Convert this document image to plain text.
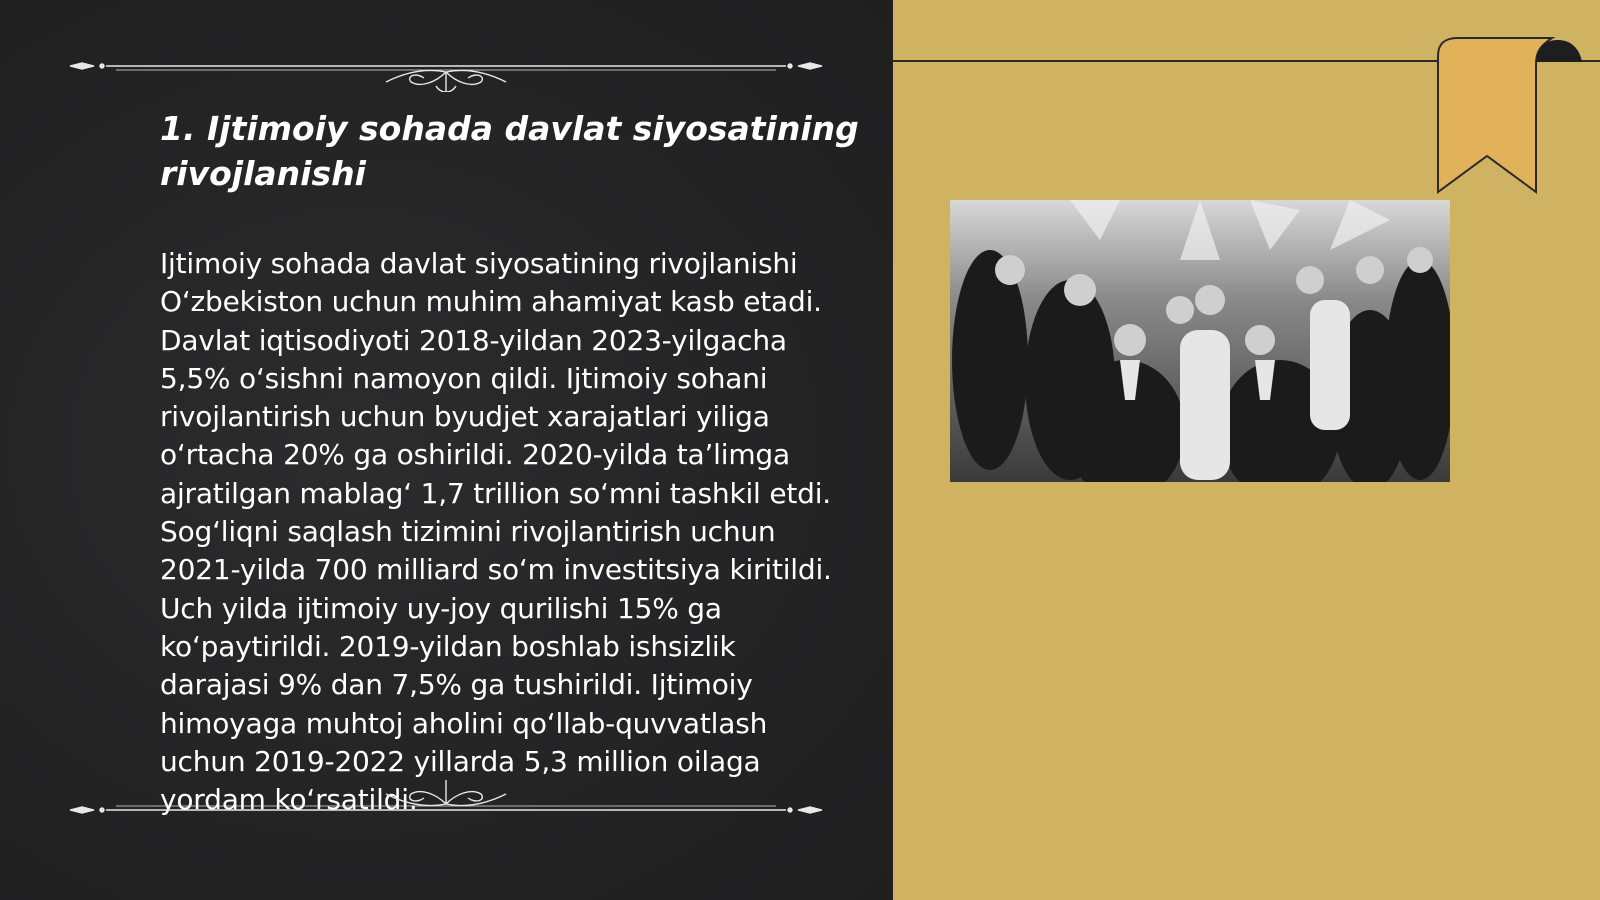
1. Ijtimoiy sohada davlat siyosatining rivojlanishi

Ijtimoiy sohada davlat siyosatining rivojlanishi O‘zbekiston uchun muhim ahamiyat kasb etadi. Davlat iqtisodiyoti 2018-yildan 2023-yilgacha 5,5% o‘sishni namoyon qildi. Ijtimoiy sohani rivojlantirish uchun byudjet xarajatlari yiliga o‘rtacha 20% ga oshirildi. 2020-yilda ta’limga ajratilgan mablag‘ 1,7 trillion so‘mni tashkil etdi. Sog‘liqni saqlash tizimini rivojlantirish uchun 2021-yilda 700 milliard so‘m investitsiya kiritildi. Uch yilda ijtimoiy uy-joy qurilishi 15% ga ko‘paytirildi. 2019-yildan boshlab ishsizlik darajasi 9% dan 7,5% ga tushirildi. Ijtimoiy himoyaga muhtoj aholini qo‘llab-quvvatlash uchun 2019-2022 yillarda 5,3 million oilaga yordam ko‘rsatildi.
